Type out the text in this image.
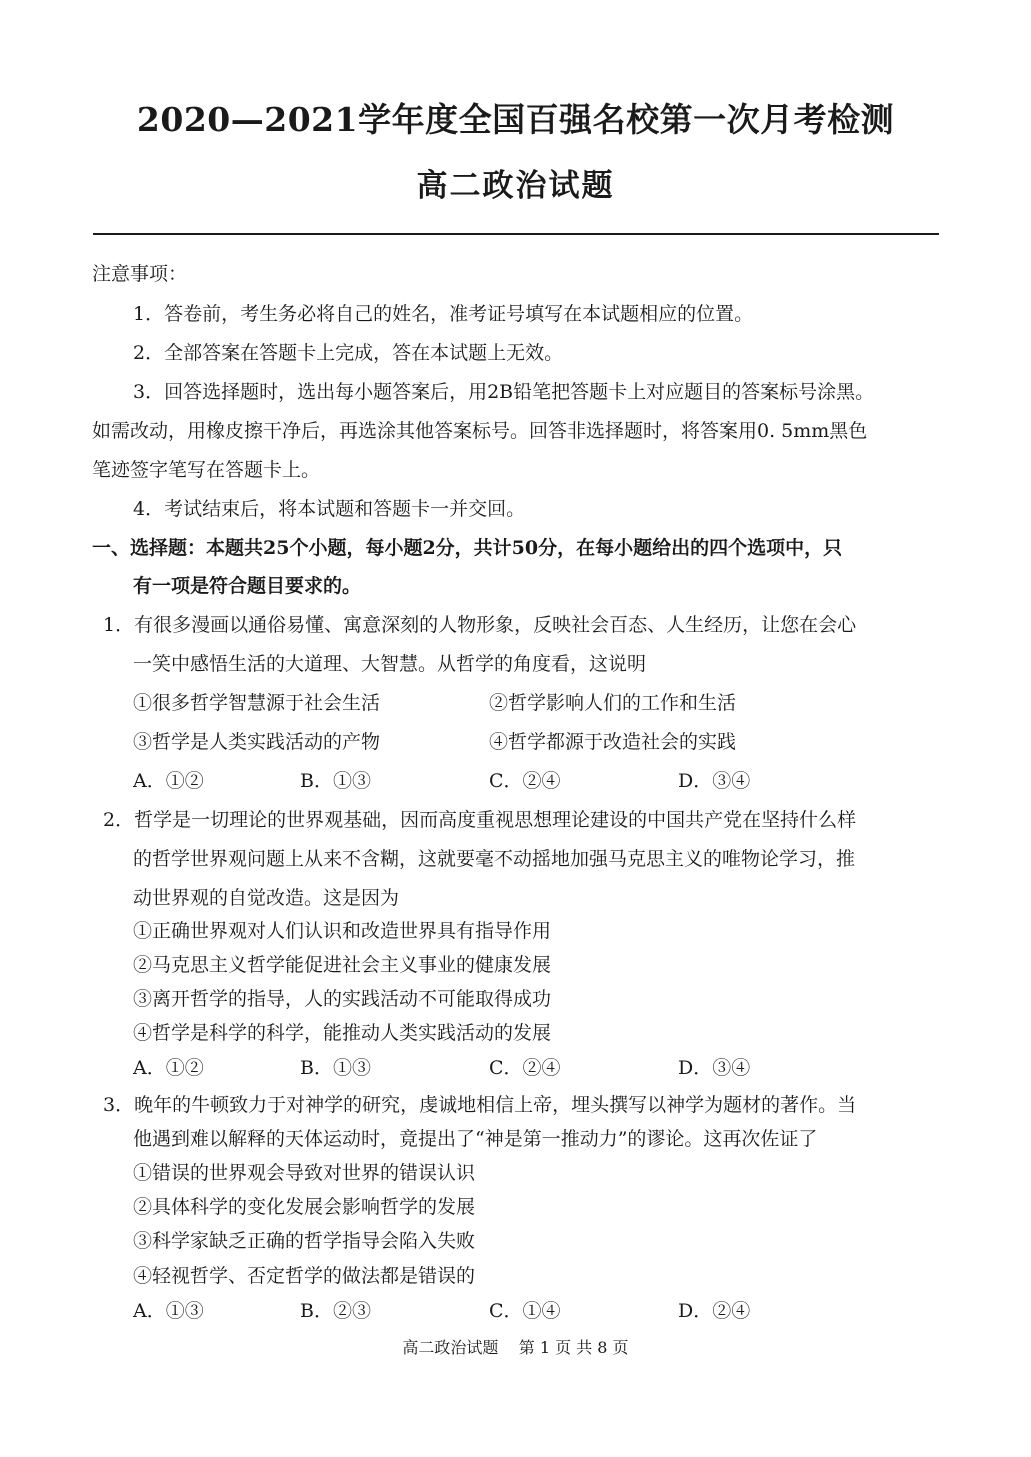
2020—2021学年度全国百强名校第一次月考检测
高二政治试题
注意事项：
1．答卷前，考生务必将自己的姓名，准考证号填写在本试题相应的位置。
2．全部答案在答题卡上完成，答在本试题上无效。
3．回答选择题时，选出每小题答案后，用2B铅笔把答题卡上对应题目的答案标号涂黑。
如需改动，用橡皮擦干净后，再选涂其他答案标号。回答非选择题时，将答案用0. 5mm黑色
笔迹签字笔写在答题卡上。
4．考试结束后，将本试题和答题卡一并交回。
一、选择题：本题共25个小题，每小题2分，共计50分，在每小题给出的四个选项中，只
有一项是符合题目要求的。
1．有很多漫画以通俗易懂、寓意深刻的人物形象，反映社会百态、人生经历，让您在会心
一笑中感悟生活的大道理、大智慧。从哲学的角度看，这说明
①很多哲学智慧源于社会生活	②哲学影响人们的工作和生活
③哲学是人类实践活动的产物	④哲学都源于改造社会的实践
A．①②	B．①③	C．②④	D．③④
2．哲学是一切理论的世界观基础，因而高度重视思想理论建设的中国共产党在坚持什么样
的哲学世界观问题上从来不含糊，这就要毫不动摇地加强马克思主义的唯物论学习，推
动世界观的自觉改造。这是因为
①正确世界观对人们认识和改造世界具有指导作用
②马克思主义哲学能促进社会主义事业的健康发展
③离开哲学的指导，人的实践活动不可能取得成功
④哲学是科学的科学，能推动人类实践活动的发展
A．①②	B．①③	C．②④	D．③④
3．晚年的牛顿致力于对神学的研究，虔诚地相信上帝，埋头撰写以神学为题材的著作。当
他遇到难以解释的天体运动时，竟提出了“神是第一推动力”的谬论。这再次佐证了
①错误的世界观会导致对世界的错误认识
②具体科学的变化发展会影响哲学的发展
③科学家缺乏正确的哲学指导会陷入失败
④轻视哲学、否定哲学的做法都是错误的
A．①③	B．②③	C．①④	D．②④
高二政治试题    第 1 页 共 8 页
